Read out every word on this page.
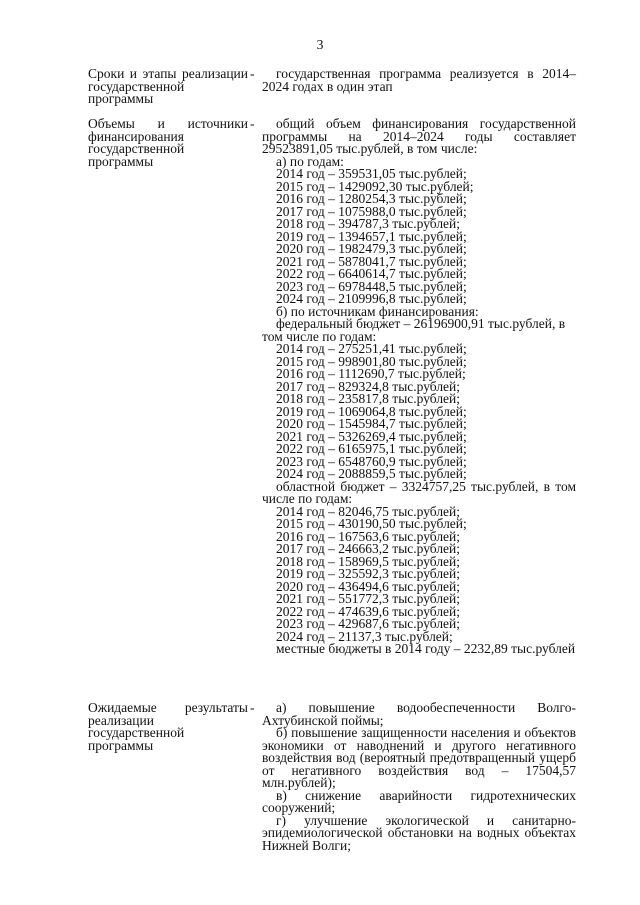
3
Сроки и этапы реализации государственной программы
-	государственная программа реализуется в 2014–2024 годах в один этап

Объемы и источники финансирования государственной программы
-	общий объем финансирования государственной программы на 2014–2024 годы составляет 29523891,05 тыс.рублей, в том числе:

а) по годам:

2014 год – 359531,05 тыс.рублей;

2015 год – 1429092,30 тыс.рублей;

2016 год – 1280254,3 тыс.рублей;

2017 год – 1075988,0 тыс.рублей;

2018 год – 394787,3 тыс.рублей;

2019 год – 1394657,1 тыс.рублей;

2020 год – 1982479,3 тыс.рублей;

2021 год – 5878041,7 тыс.рублей;

2022 год – 6640614,7 тыс.рублей;

2023 год – 6978448,5 тыс.рублей;

2024 год – 2109996,8 тыс.рублей;

б) по источникам финансирования:

федеральный бюджет – 26196900,91 тыс.рублей, в том числе по годам:

2014 год – 275251,41 тыс.рублей;

2015 год – 998901,80 тыс.рублей;

2016 год – 1112690,7 тыс.рублей;

2017 год – 829324,8 тыс.рублей;

2018 год – 235817,8 тыс.рублей;

2019 год – 1069064,8 тыс.рублей;

2020 год – 1545984,7 тыс.рублей;

2021 год – 5326269,4 тыс.рублей;

2022 год – 6165975,1 тыс.рублей;

2023 год – 6548760,9 тыс.рублей;

2024 год – 2088859,5 тыс.рублей;

областной бюджет – 3324757,25 тыс.рублей, в том числе по годам:

2014 год – 82046,75 тыс.рублей;

2015 год – 430190,50 тыс.рублей;

2016 год – 167563,6 тыс.рублей;

2017 год – 246663,2 тыс.рублей;

2018 год – 158969,5 тыс.рублей;

2019 год – 325592,3 тыс.рублей;

2020 год – 436494,6 тыс.рублей;

2021 год – 551772,3 тыс.рублей;

2022 год – 474639,6 тыс.рублей;

2023 год – 429687,6 тыс.рублей;

2024 год – 21137,3 тыс.рублей;

местные бюджеты в 2014 году – 2232,89 тыс.рублей

Ожидаемые результаты реализации государственной программы
-	а) повышение водообеспеченности Волго-Ахтубинской поймы;

б) повышение защищенности населения и объектов экономики от наводнений и другого негативного воздействия вод (вероятный предотвращенный ущерб от негативного воздействия вод – 17504,57 млн.рублей);

в) снижение аварийности гидротехнических сооружений;

г) улучшение экологической и санитарно-эпидемиологической обстановки на водных объектах Нижней Волги;
